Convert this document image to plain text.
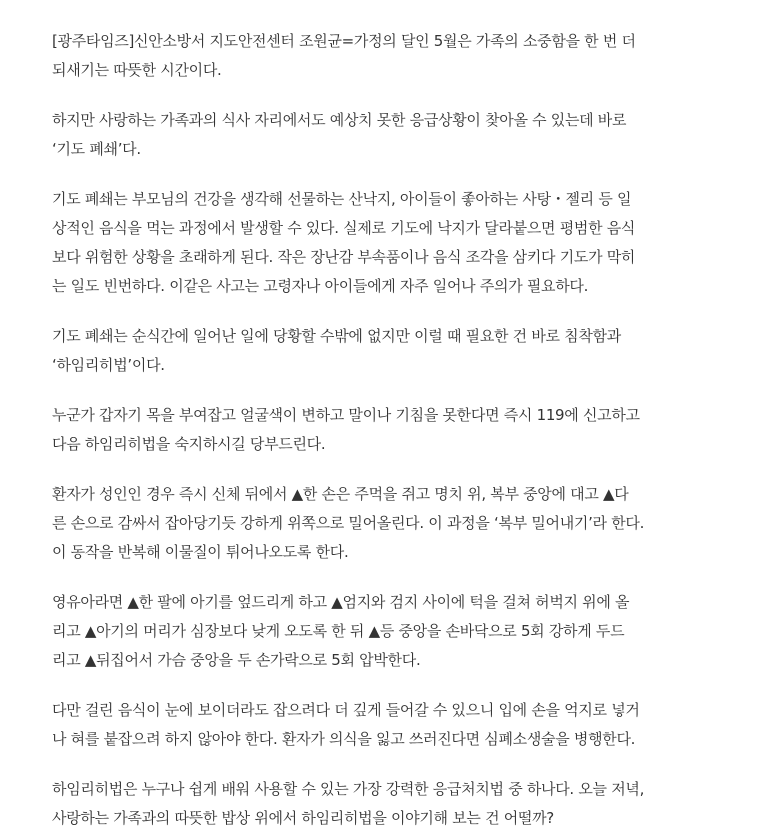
[광주타임즈]신안소방서 지도안전센터 조원균=가정의 달인 5월은 가족의 소중함을 한 번 더
되새기는 따뜻한 시간이다.

하지만 사랑하는 가족과의 식사 자리에서도 예상치 못한 응급상황이 찾아올 수 있는데 바로
‘기도 폐쇄’다.

기도 폐쇄는 부모님의 건강을 생각해 선물하는 산낙지, 아이들이 좋아하는 사탕・젤리 등 일
상적인 음식을 먹는 과정에서 발생할 수 있다. 실제로 기도에 낙지가 달라붙으면 평범한 음식
보다 위험한 상황을 초래하게 된다. 작은 장난감 부속품이나 음식 조각을 삼키다 기도가 막히
는 일도 빈번하다. 이같은 사고는 고령자나 아이들에게 자주 일어나 주의가 필요하다.

기도 폐쇄는 순식간에 일어난 일에 당황할 수밖에 없지만 이럴 때 필요한 건 바로 침착함과
‘하임리히법’이다.

누군가 갑자기 목을 부여잡고 얼굴색이 변하고 말이나 기침을 못한다면 즉시 119에 신고하고
다음 하임리히법을 숙지하시길 당부드린다.

환자가 성인인 경우 즉시 신체 뒤에서 ▲한 손은 주먹을 쥐고 명치 위, 복부 중앙에 대고 ▲다
른 손으로 감싸서 잡아당기듯 강하게 위쪽으로 밀어올린다. 이 과정을 ‘복부 밀어내기’라 한다.
이 동작을 반복해 이물질이 튀어나오도록 한다.

영유아라면 ▲한 팔에 아기를 엎드리게 하고 ▲엄지와 검지 사이에 턱을 걸쳐 허벅지 위에 올
리고 ▲아기의 머리가 심장보다 낮게 오도록 한 뒤 ▲등 중앙을 손바닥으로 5회 강하게 두드
리고 ▲뒤집어서 가슴 중앙을 두 손가락으로 5회 압박한다.

다만 걸린 음식이 눈에 보이더라도 잡으려다 더 깊게 들어갈 수 있으니 입에 손을 억지로 넣거
나 혀를 붙잡으려 하지 않아야 한다. 환자가 의식을 잃고 쓰러진다면 심폐소생술을 병행한다.

하임리히법은 누구나 쉽게 배워 사용할 수 있는 가장 강력한 응급처치법 중 하나다. 오늘 저녁,
사랑하는 가족과의 따뜻한 밥상 위에서 하임리히법을 이야기해 보는 건 어떨까?
